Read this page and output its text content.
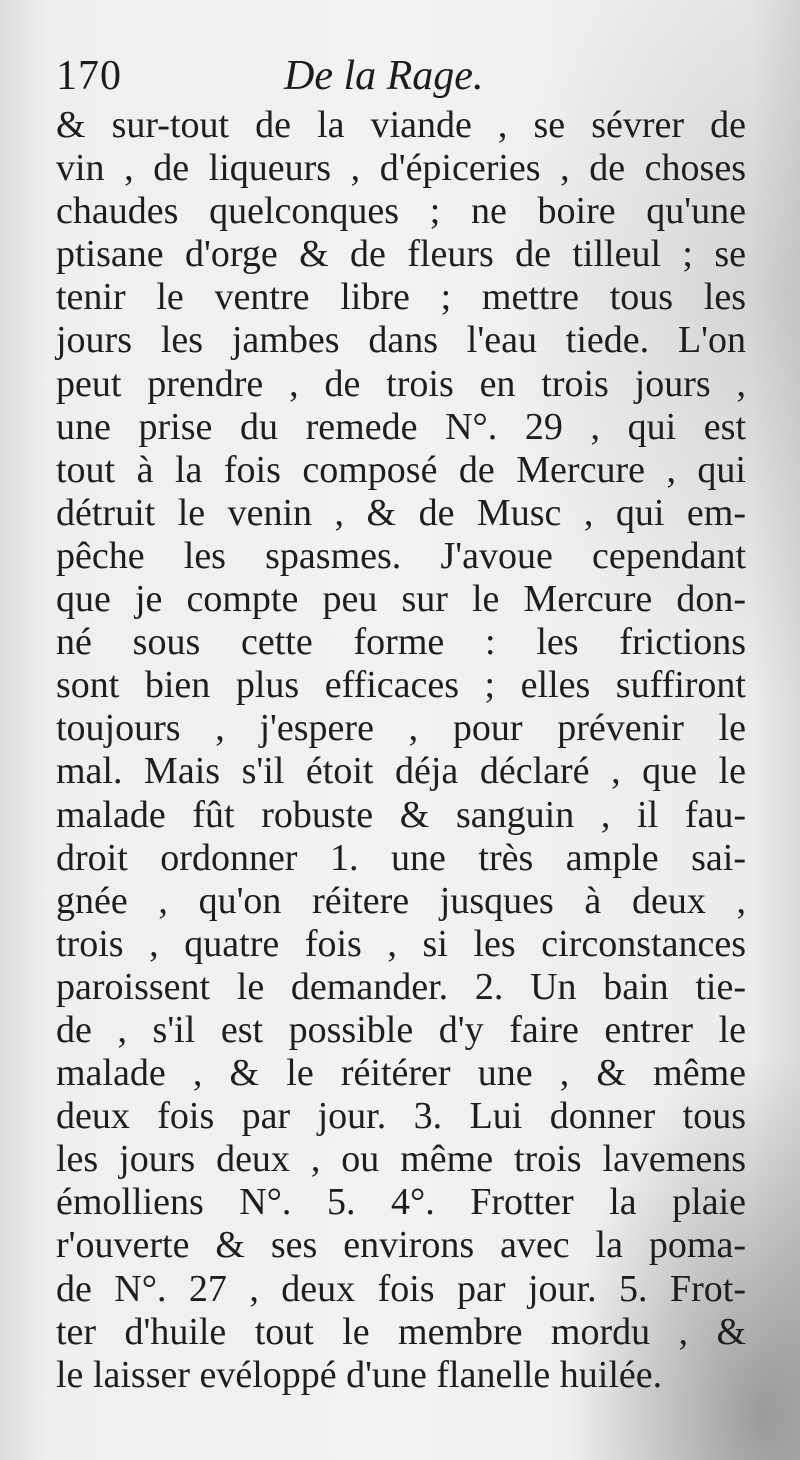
170	De la Rage.
& sur-tout de la viande , se sévrer de
vin , de liqueurs , d'épiceries , de choses
chaudes quelconques ; ne boire qu'une
ptisane d'orge & de fleurs de tilleul ; se
tenir le ventre libre ; mettre tous les
jours les jambes dans l'eau tiede. L'on
peut prendre , de trois en trois jours ,
une prise du remede N°. 29 , qui est
tout à la fois composé de Mercure , qui
détruit le venin , & de Musc , qui em-
pêche les spasmes. J'avoue cependant
que je compte peu sur le Mercure don-
né sous cette forme : les frictions
sont bien plus efficaces ; elles suffiront
toujours , j'espere , pour prévenir le
mal. Mais s'il étoit déja déclaré , que le
malade fût robuste & sanguin , il fau-
droit ordonner 1. une très ample sai-
gnée , qu'on réitere jusques à deux ,
trois , quatre fois , si les circonstances
paroissent le demander. 2. Un bain tie-
de , s'il est possible d'y faire entrer le
malade , & le réitérer une , & même
deux fois par jour. 3. Lui donner tous
les jours deux , ou même trois lavemens
émolliens N°. 5. 4°. Frotter la plaie
r'ouverte & ses environs avec la poma-
de N°. 27 , deux fois par jour. 5. Frot-
ter d'huile tout le membre mordu , &
le laisser evéloppé d'une flanelle huilée.
